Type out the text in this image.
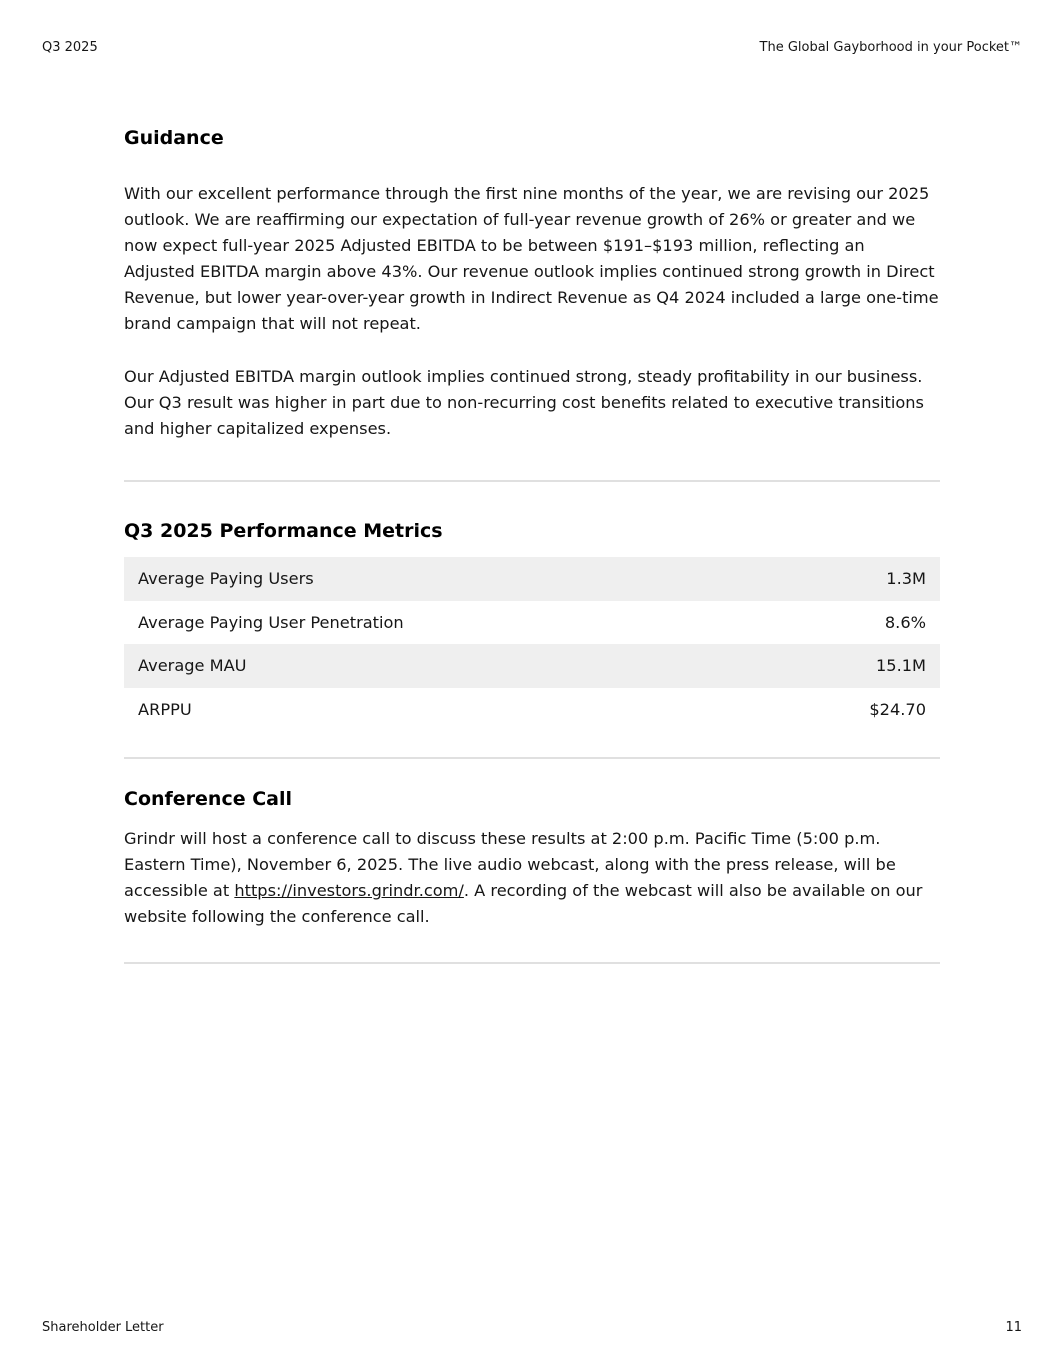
Q3 2025	The Global Gayborhood in your Pocket™
Guidance

With our excellent performance through the first nine months of the year, we are revising our 2025 outlook. We are reaffirming our expectation of full-year revenue growth of 26% or greater and we now expect full-year 2025 Adjusted EBITDA to be between $191–$193 million, reflecting an Adjusted EBITDA margin above 43%. Our revenue outlook implies continued strong growth in Direct Revenue, but lower year-over-year growth in Indirect Revenue as Q4 2024 included a large one-time brand campaign that will not repeat.

Our Adjusted EBITDA margin outlook implies continued strong, steady profitability in our business. Our Q3 result was higher in part due to non-recurring cost benefits related to executive transitions and higher capitalized expenses.

Q3 2025 Performance Metrics
Average Paying Users	1.3M
Average Paying User Penetration	8.6%
Average MAU	15.1M
ARPPU	$24.70
Conference Call

Grindr will host a conference call to discuss these results at 2:00 p.m. Pacific Time (5:00 p.m. Eastern Time), November 6, 2025. The live audio webcast, along with the press release, will be accessible at https://investors.grindr.com/. A recording of the webcast will also be available on our website following the conference call.

Shareholder Letter	11
